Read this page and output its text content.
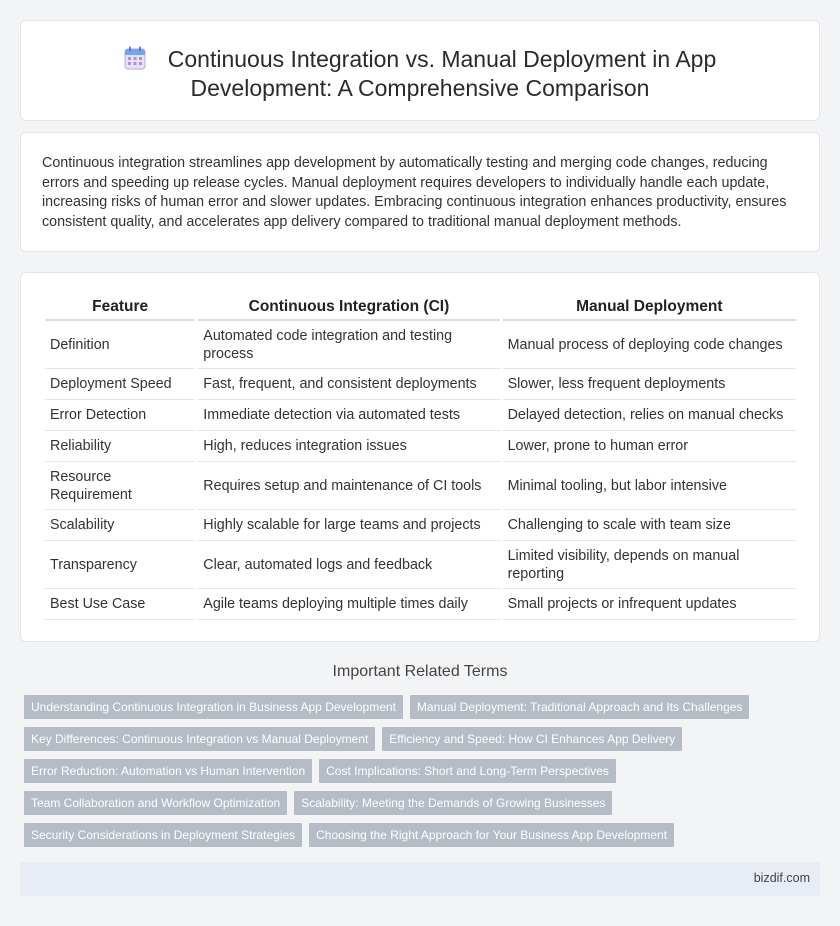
Continuous Integration vs. Manual Deployment in App
Development: A Comprehensive Comparison

Continuous integration streamlines app development by automatically testing and merging code changes, reducing errors and speeding up release cycles. Manual deployment requires developers to individually handle each update, increasing risks of human error and slower updates. Embracing continuous integration enhances productivity, ensures consistent quality, and accelerates app delivery compared to traditional manual deployment methods.

Feature	Continuous Integration (CI)	Manual Deployment
Definition	Automated code integration and testing process	Manual process of deploying code changes
Deployment Speed	Fast, frequent, and consistent deployments	Slower, less frequent deployments
Error Detection	Immediate detection via automated tests	Delayed detection, relies on manual checks
Reliability	High, reduces integration issues	Lower, prone to human error
Resource Requirement	Requires setup and maintenance of CI tools	Minimal tooling, but labor intensive
Scalability	Highly scalable for large teams and projects	Challenging to scale with team size
Transparency	Clear, automated logs and feedback	Limited visibility, depends on manual reporting
Best Use Case	Agile teams deploying multiple times daily	Small projects or infrequent updates
Important Related Terms
Understanding Continuous Integration in Business App Development	Manual Deployment: Traditional Approach and Its Challenges
Key Differences: Continuous Integration vs Manual Deployment	Efficiency and Speed: How CI Enhances App Delivery
Error Reduction: Automation vs Human Intervention	Cost Implications: Short and Long-Term Perspectives
Team Collaboration and Workflow Optimization	Scalability: Meeting the Demands of Growing Businesses
Security Considerations in Deployment Strategies	Choosing the Right Approach for Your Business App Development
bizdif.com
